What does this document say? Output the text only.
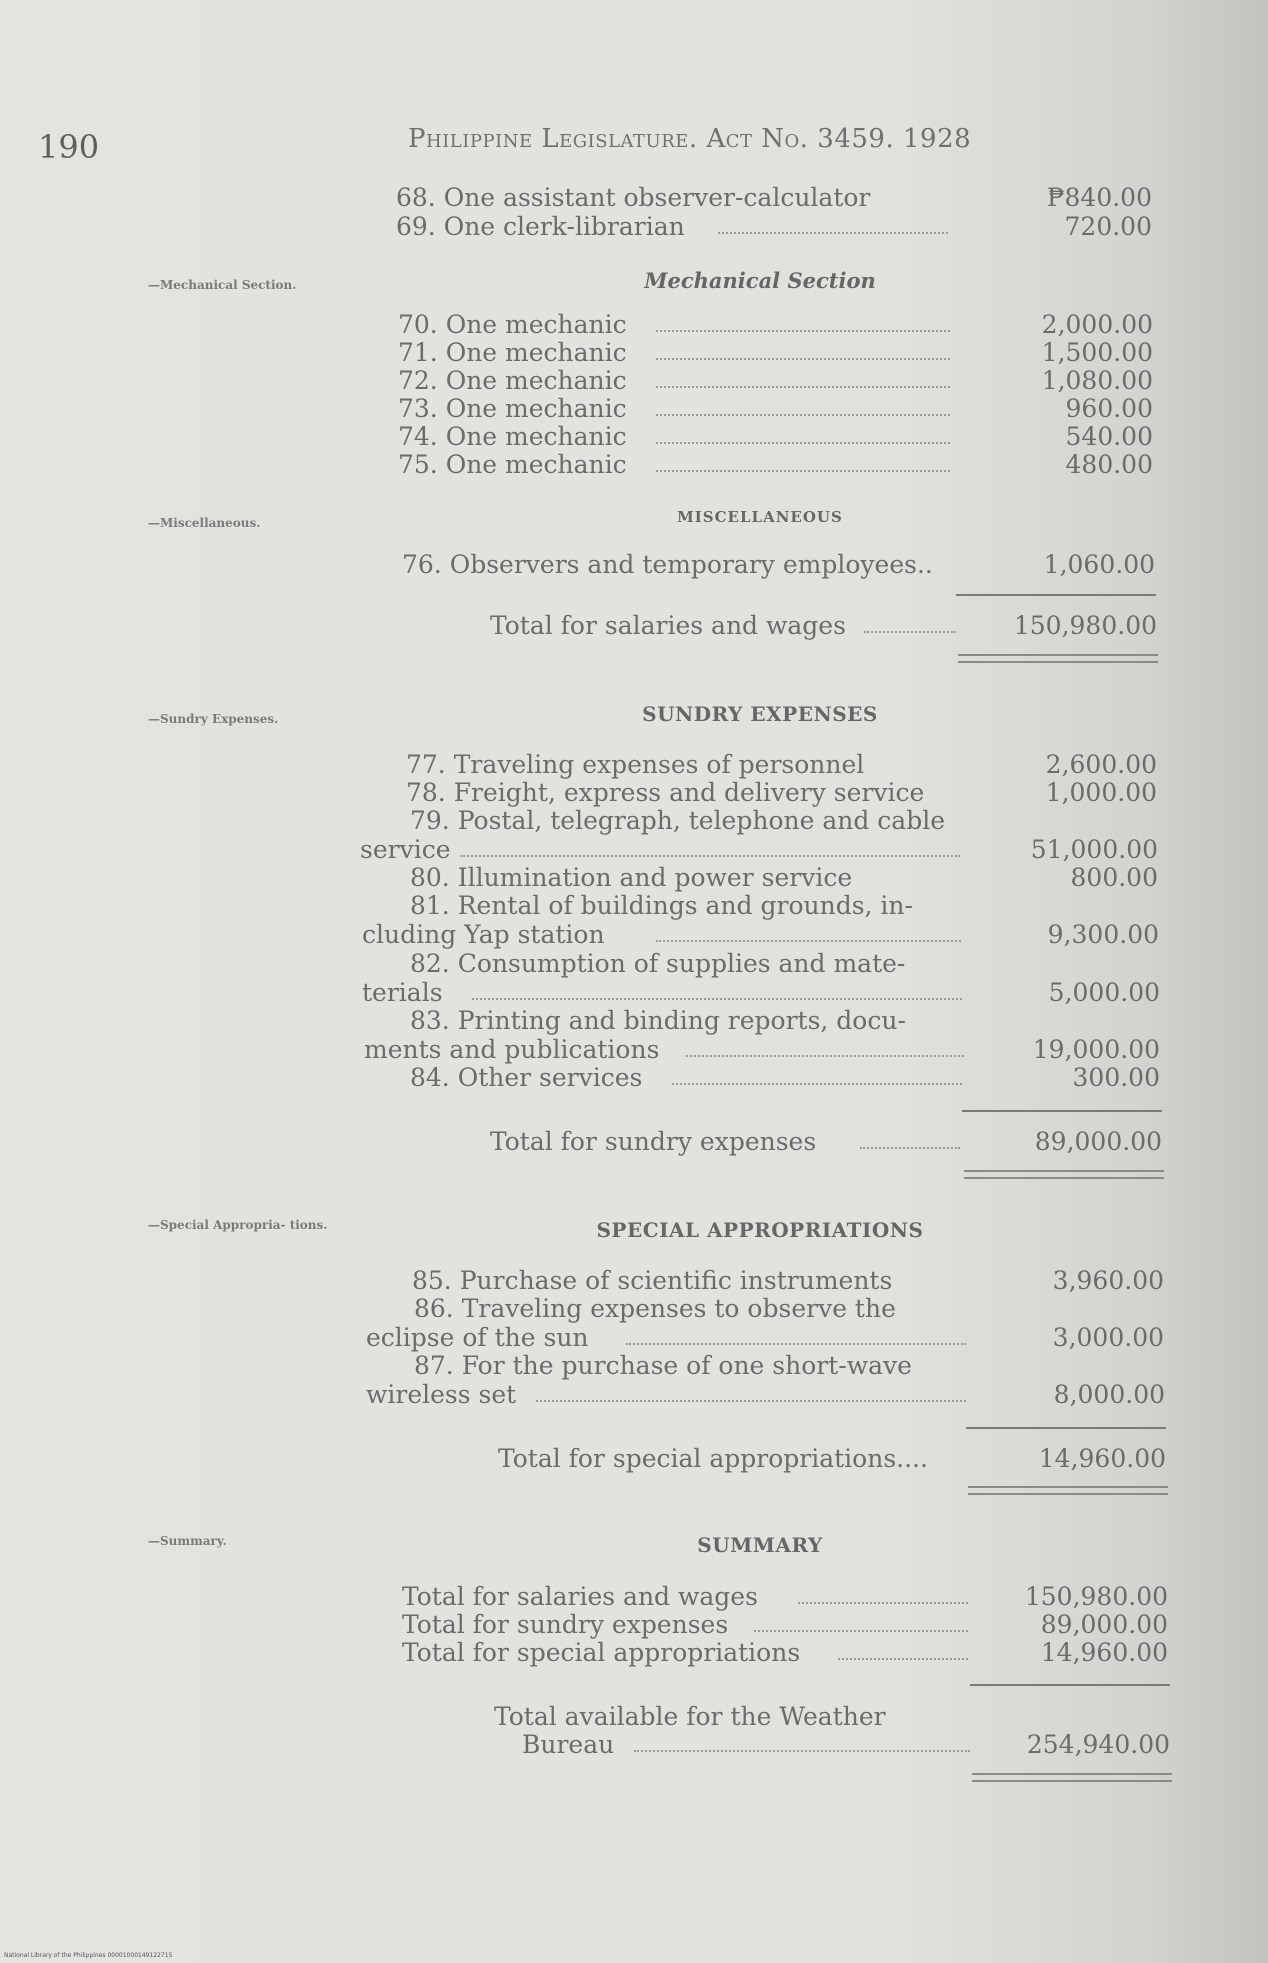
190	Philippine Legislature. Act No. 3459. 1928
68. One assistant observer-calculator	₱840.00
69. One clerk-librarian	720.00
—Mechanical Section.	Mechanical Section
70. One mechanic	2,000.00
71. One mechanic	1,500.00
72. One mechanic	1,080.00
73. One mechanic	960.00
74. One mechanic	540.00
75. One mechanic	480.00
—Miscellaneous.	MISCELLANEOUS
76. Observers and temporary employees..	1,060.00
Total for salaries and wages	150,980.00
—Sundry Expenses.	SUNDRY EXPENSES
77. Traveling expenses of personnel	2,600.00
78. Freight, express and delivery service	1,000.00
79. Postal, telegraph, telephone and cable
service	51,000.00
80. Illumination and power service	800.00
81. Rental of buildings and grounds, in-
cluding Yap station	9,300.00
82. Consumption of supplies and mate-
terials	5,000.00
83. Printing and binding reports, docu-
ments and publications	19,000.00
84. Other services	300.00
Total for sundry expenses	89,000.00
—Special Appropria- tions.	SPECIAL APPROPRIATIONS
85. Purchase of scientific instruments	3,960.00
86. Traveling expenses to observe the
eclipse of the sun	3,000.00
87. For the purchase of one short-wave
wireless set	8,000.00
Total for special appropriations....	14,960.00
—Summary.	SUMMARY
Total for salaries and wages	150,980.00
Total for sundry expenses	89,000.00
Total for special appropriations	14,960.00
Total available for the Weather
Bureau	254,940.00
National Library of the Philippines 00001000149122715
